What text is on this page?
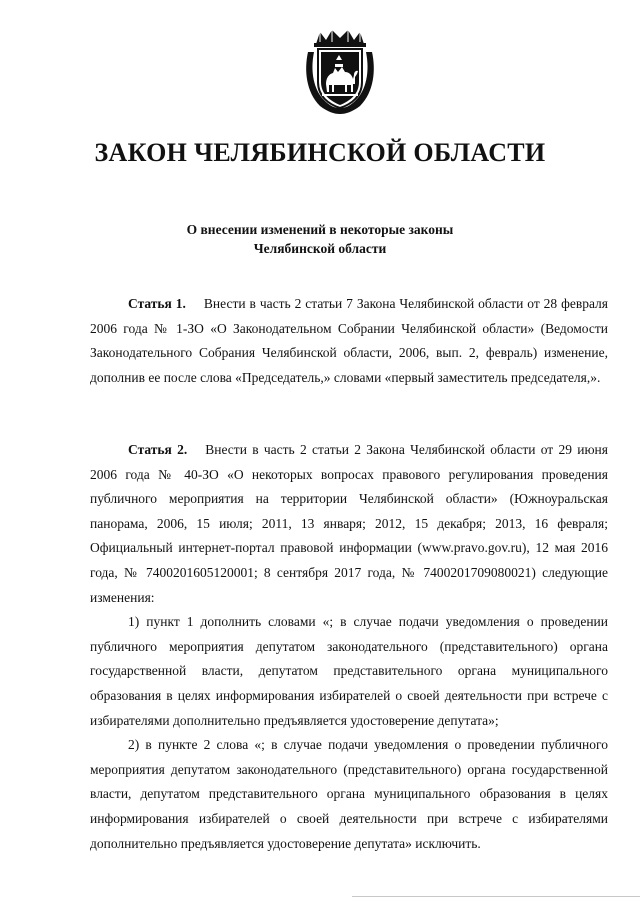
ЗАКОН ЧЕЛЯБИНСКОЙ ОБЛАСТИ
О внесении изменений в некоторые законы
Челябинской области

Статья 1. Внести в часть 2 статьи 7 Закона Челябинской области от 28 февраля 2006 года № 1-ЗО «О Законодательном Собрании Челябинской области» (Ведомости Законодательного Собрания Челябинской области, 2006, вып. 2, февраль) изменение, дополнив ее после слова «Председатель,» словами «первый заместитель председателя,».

Статья 2. Внести в часть 2 статьи 2 Закона Челябинской области от 29 июня 2006 года № 40-ЗО «О некоторых вопросах правового регулирования проведения публичного мероприятия на территории Челябинской области» (Южноуральская панорама, 2006, 15 июля; 2011, 13 января; 2012, 15 декабря; 2013, 16 февраля; Официальный интернет-портал правовой информации (www.pravo.gov.ru), 12 мая 2016 года, № 7400201605120001; 8 сентября 2017 года, № 7400201709080021) следующие изменения:

1) пункт 1 дополнить словами «; в случае подачи уведомления о проведении публичного мероприятия депутатом законодательного (представительного) органа государственной власти, депутатом представительного органа муниципального образования в целях информирования избирателей о своей деятельности при встрече с избирателями дополнительно предъявляется удостоверение депутата»;

2) в пункте 2 слова «; в случае подачи уведомления о проведении публичного мероприятия депутатом законодательного (представительного) органа государственной власти, депутатом представительного органа муниципального образования в целях информирования избирателей о своей деятельности при встрече с избирателями дополнительно предъявляется удостоверение депутата» исключить.
